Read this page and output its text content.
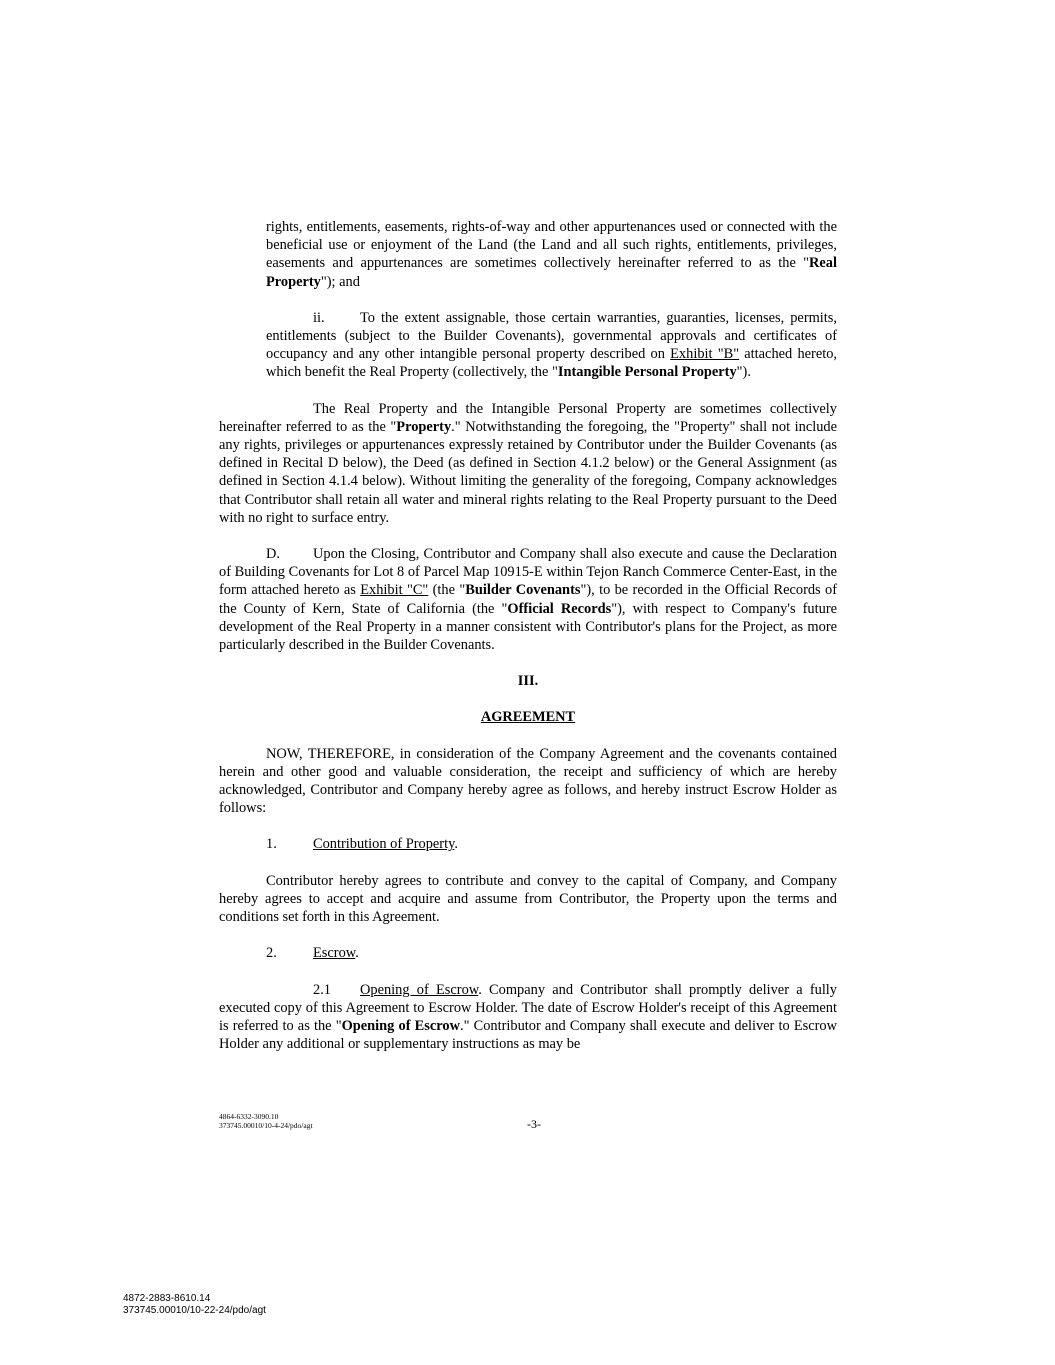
rights, entitlements, easements, rights-of-way and other appurtenances used or connected with the beneficial use or enjoyment of the Land (the Land and all such rights, entitlements, privileges, easements and appurtenances are sometimes collectively hereinafter referred to as the "Real Property"); and

ii. To the extent assignable, those certain warranties, guaranties, licenses, permits, entitlements (subject to the Builder Covenants), governmental approvals and certificates of occupancy and any other intangible personal property described on Exhibit "B" attached hereto, which benefit the Real Property (collectively, the "Intangible Personal Property").

The Real Property and the Intangible Personal Property are sometimes collectively hereinafter referred to as the "Property." Notwithstanding the foregoing, the "Property" shall not include any rights, privileges or appurtenances expressly retained by Contributor under the Builder Covenants (as defined in Recital D below), the Deed (as defined in Section 4.1.2 below) or the General Assignment (as defined in Section 4.1.4 below). Without limiting the generality of the foregoing, Company acknowledges that Contributor shall retain all water and mineral rights relating to the Real Property pursuant to the Deed with no right to surface entry.

D. Upon the Closing, Contributor and Company shall also execute and cause the Declaration of Building Covenants for Lot 8 of Parcel Map 10915-E within Tejon Ranch Commerce Center-East, in the form attached hereto as Exhibit "C" (the "Builder Covenants"), to be recorded in the Official Records of the County of Kern, State of California (the "Official Records"), with respect to Company's future development of the Real Property in a manner consistent with Contributor's plans for the Project, as more particularly described in the Builder Covenants.

III.

AGREEMENT

NOW, THEREFORE, in consideration of the Company Agreement and the covenants contained herein and other good and valuable consideration, the receipt and sufficiency of which are hereby acknowledged, Contributor and Company hereby agree as follows, and hereby instruct Escrow Holder as follows:

1.	Contribution of Property.

Contributor hereby agrees to contribute and convey to the capital of Company, and Company hereby agrees to accept and acquire and assume from Contributor, the Property upon the terms and conditions set forth in this Agreement.

2.	Escrow.

2.1 Opening of Escrow. Company and Contributor shall promptly deliver a fully executed copy of this Agreement to Escrow Holder. The date of Escrow Holder's receipt of this Agreement is referred to as the "Opening of Escrow." Contributor and Company shall execute and deliver to Escrow Holder any additional or supplementary instructions as may be

4864-6332-3090.10
373745.00010/10-4-24/pdo/agt	-3-
4872-2883-8610.14
373745.00010/10-22-24/pdo/agt
